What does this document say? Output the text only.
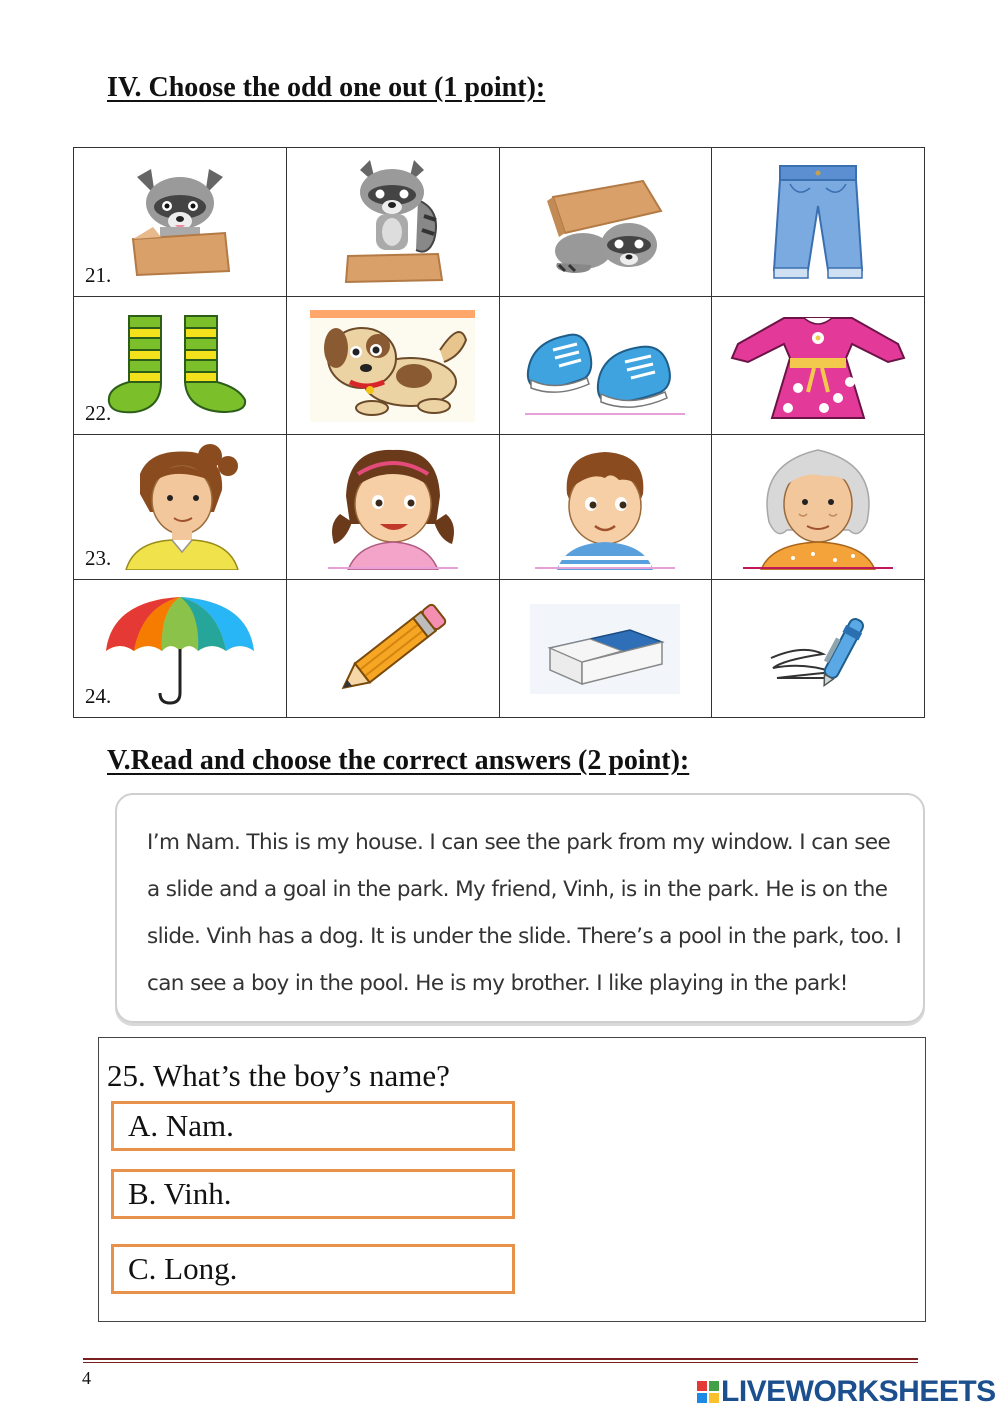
IV. Choose the odd one out (1 point):
21.

22.

23.

24.

V.Read and choose the correct answers (2 point):

I’m Nam. This is my house. I can see the park from my window. I can see

a slide and a goal in the park. My friend, Vinh, is in the park. He is on the

slide. Vinh has a dog. It is under the slide. There’s a pool in the park, too. I

can see a boy in the pool. He is my brother. I like playing in the park!

25. What’s the boy’s name?
A. Nam.
B. Vinh.
C. Long.
4	LIVEWORKSHEETS
